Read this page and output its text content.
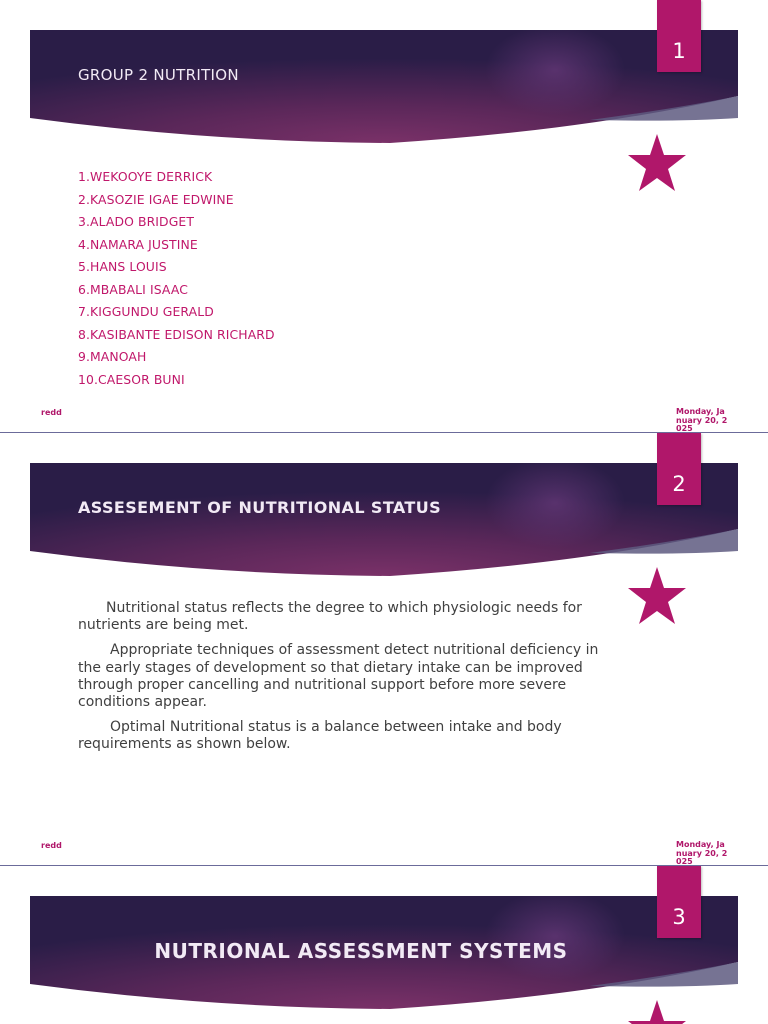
1
GROUP 2 NUTRITION
1.WEKOOYE DERRICK
2.KASOZIE IGAE EDWINE
3.ALADO BRIDGET
4.NAMARA JUSTINE
5.HANS LOUIS
6.MBABALI ISAAC
7.KIGGUNDU GERALD
8.KASIBANTE EDISON RICHARD
9.MANOAH
10.CAESOR BUNI
redd	Monday, January 20, 2025
2
redd	Monday, January 20, 2025
ASSESEMENT OF NUTRITIONAL STATUS

Nutritional status reflects the degree to which physiologic needs for nutrients are being met.

Appropriate techniques of assessment detect nutritional deficiency in the early stages of development so that dietary intake can be improved through proper cancelling and nutritional support before more severe conditions appear.

Optimal Nutritional status is a balance between intake and body requirements as shown below.

3
NUTRIONAL ASSESSMENT SYSTEMS
